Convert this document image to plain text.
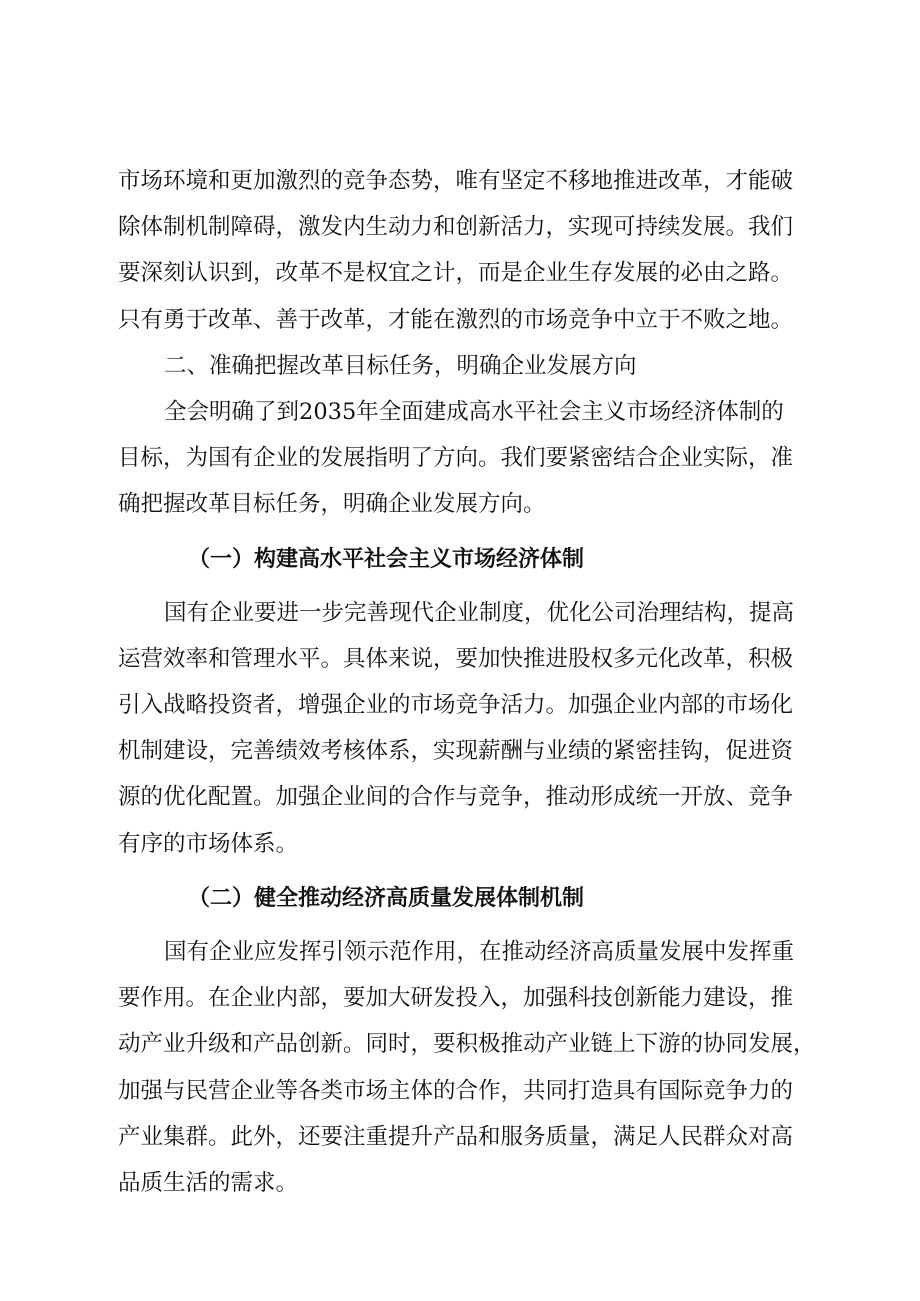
市场环境和更加激烈的竞争态势，唯有坚定不移地推进改革，才能破

除体制机制障碍，激发内生动力和创新活力，实现可持续发展。我们

要深刻认识到，改革不是权宜之计，而是企业生存发展的必由之路。

只有勇于改革、善于改革，才能在激烈的市场竞争中立于不败之地。

二、准确把握改革目标任务，明确企业发展方向

全会明确了到2035年全面建成高水平社会主义市场经济体制的

目标，为国有企业的发展指明了方向。我们要紧密结合企业实际，准

确把握改革目标任务，明确企业发展方向。

（一）构建高水平社会主义市场经济体制

国有企业要进一步完善现代企业制度，优化公司治理结构，提高

运营效率和管理水平。具体来说，要加快推进股权多元化改革，积极

引入战略投资者，增强企业的市场竞争活力。加强企业内部的市场化

机制建设，完善绩效考核体系，实现薪酬与业绩的紧密挂钩，促进资

源的优化配置。加强企业间的合作与竞争，推动形成统一开放、竞争

有序的市场体系。

（二）健全推动经济高质量发展体制机制

国有企业应发挥引领示范作用，在推动经济高质量发展中发挥重

要作用。在企业内部，要加大研发投入，加强科技创新能力建设，推

动产业升级和产品创新。同时，要积极推动产业链上下游的协同发展，

加强与民营企业等各类市场主体的合作，共同打造具有国际竞争力的

产业集群。此外，还要注重提升产品和服务质量，满足人民群众对高

品质生活的需求。
